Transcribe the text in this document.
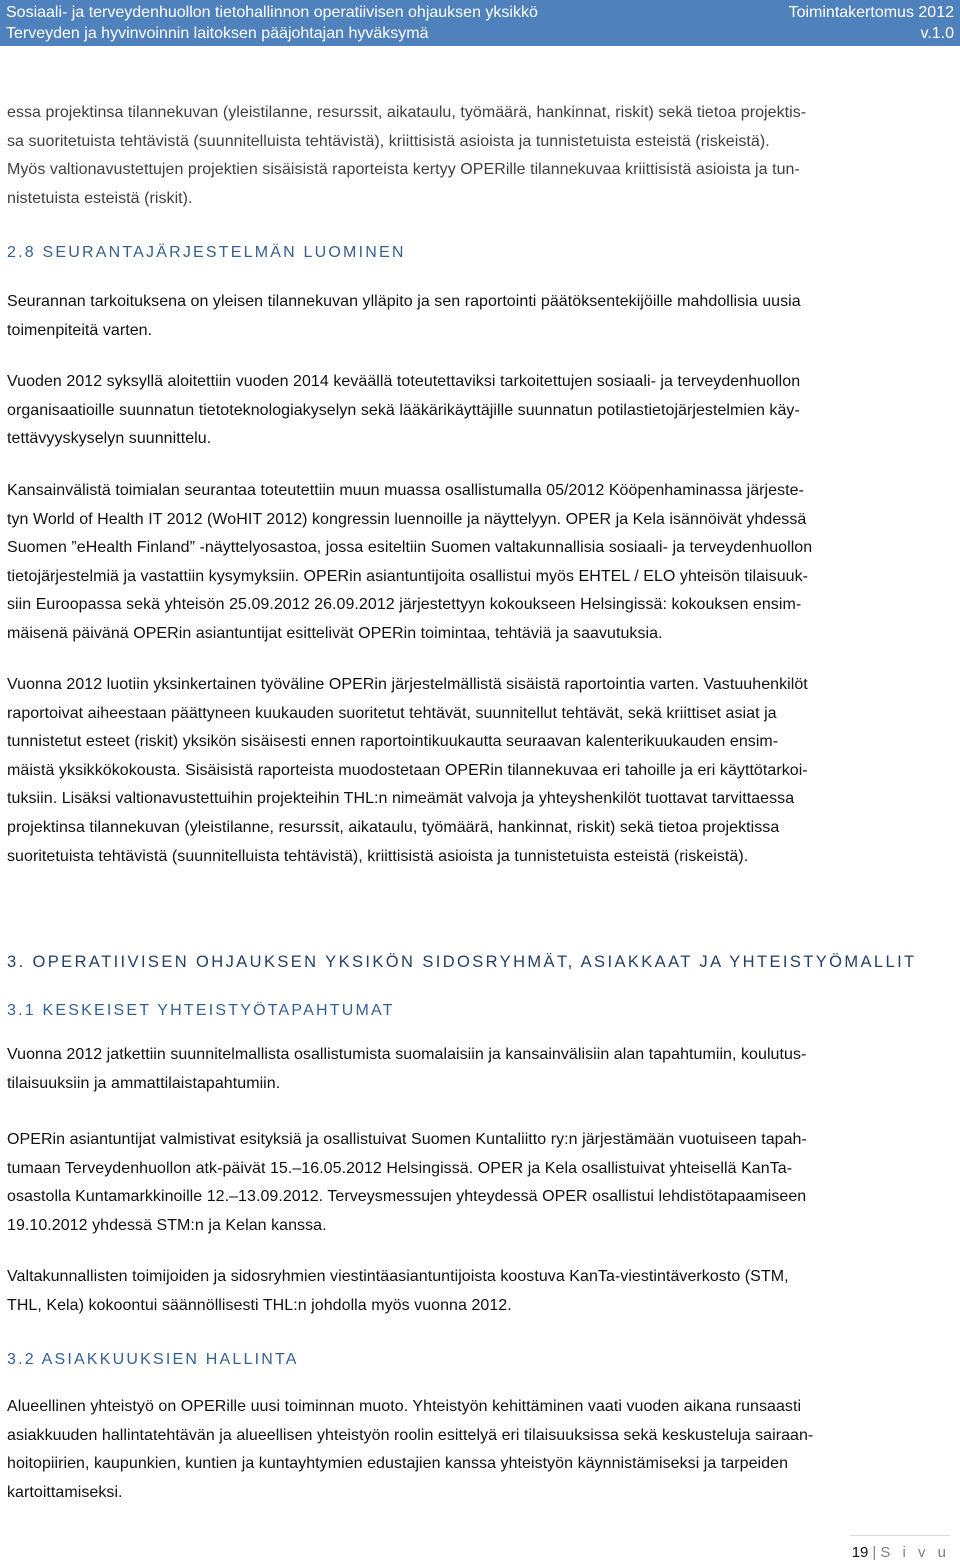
Sosiaali- ja terveydenhuollon tietohallinnon operatiivisen ohjauksen yksikkö
Terveyden ja hyvinvoinnin laitoksen pääjohtajan hyväksymä
Toimintakertomus 2012
v.1.0
essa projektinsa tilannekuvan (yleistilanne, resurssit, aikataulu, työmäärä, hankinnat, riskit) sekä tietoa projektis-
sa suoritetuista tehtävistä (suunnitelluista tehtävistä), kriittisistä asioista ja tunnistetuista esteistä (riskeistä).
Myös valtionavustettujen projektien sisäisistä raporteista kertyy OPERille tilannekuvaa kriittisistä asioista ja tun-
nistetuista esteistä (riskit).
2.8 SEURANTAJÄRJESTELMÄN LUOMINEN
Seurannan tarkoituksena on yleisen tilannekuvan ylläpito ja sen raportointi päätöksentekijöille mahdollisia uusia
toimenpiteitä varten.
Vuoden 2012 syksyllä aloitettiin vuoden 2014 keväällä toteutettaviksi tarkoitettujen sosiaali- ja terveydenhuollon
organisaatioille suunnatun tietoteknologiakyselyn sekä lääkärikäyttäjille suunnatun potilastietojärjestelmien käy-
tettävyyskyselyn suunnittelu.
Kansainvälistä toimialan seurantaa toteutettiin muun muassa osallistumalla 05/2012 Kööpenhaminassa järjeste-
tyn World of Health IT 2012 (WoHIT 2012) kongressin luennoille ja näyttelyyn. OPER ja Kela isännöivät yhdessä
Suomen ”eHealth Finland” -näyttelyosastoa, jossa esiteltiin Suomen valtakunnallisia sosiaali- ja terveydenhuollon
tietojärjestelmiä ja vastattiin kysymyksiin. OPERin asiantuntijoita osallistui myös EHTEL / ELO yhteisön tilaisuuk-
siin Euroopassa sekä yhteisön 25.09.2012 26.09.2012 järjestettyyn kokoukseen Helsingissä: kokouksen ensim-
mäisenä päivänä OPERin asiantuntijat esittelivät OPERin toimintaa, tehtäviä ja saavutuksia.
Vuonna 2012 luotiin yksinkertainen työväline OPERin järjestelmällistä sisäistä raportointia varten. Vastuuhenkilöt
raportoivat aiheestaan päättyneen kuukauden suoritetut tehtävät, suunnitellut tehtävät, sekä kriittiset asiat ja
tunnistetut esteet (riskit) yksikön sisäisesti ennen raportointikuukautta seuraavan kalenterikuukauden ensim-
mäistä yksikkökokousta. Sisäisistä raporteista muodostetaan OPERin tilannekuvaa eri tahoille ja eri käyttötarkoi-
tuksiin. Lisäksi valtionavustettuihin projekteihin THL:n nimeämät valvoja ja yhteyshenkilöt tuottavat tarvittaessa
projektinsa tilannekuvan (yleistilanne, resurssit, aikataulu, työmäärä, hankinnat, riskit) sekä tietoa projektissa
suoritetuista tehtävistä (suunnitelluista tehtävistä), kriittisistä asioista ja tunnistetuista esteistä (riskeistä).
3. OPERATIIVISEN OHJAUKSEN YKSIKÖN SIDOSRYHMÄT, ASIAKKAAT JA YHTEISTYÖMALLIT
3.1 KESKEISET YHTEISTYÖTAPAHTUMAT
Vuonna 2012 jatkettiin suunnitelmallista osallistumista suomalaisiin ja kansainvälisiin alan tapahtumiin, koulutus-
tilaisuuksiin ja ammattilaistapahtumiin.
OPERin asiantuntijat valmistivat esityksiä ja osallistuivat Suomen Kuntaliitto ry:n järjestämään vuotuiseen tapah-
tumaan Terveydenhuollon atk-päivät 15.–16.05.2012 Helsingissä. OPER ja Kela osallistuivat yhteisellä KanTa-
osastolla Kuntamarkkinoille 12.–13.09.2012. Terveysmessujen yhteydessä OPER osallistui lehdistötapaamiseen
19.10.2012 yhdessä STM:n ja Kelan kanssa.
Valtakunnallisten toimijoiden ja sidosryhmien viestintäasiantuntijoista koostuva KanTa-viestintäverkosto (STM,
THL, Kela) kokoontui säännöllisesti THL:n johdolla myös vuonna 2012.
3.2 ASIAKKUUKSIEN HALLINTA
Alueellinen yhteistyö on OPERille uusi toiminnan muoto. Yhteistyön kehittäminen vaati vuoden aikana runsaasti
asiakkuuden hallintatehtävän ja alueellisen yhteistyön roolin esittelyä eri tilaisuuksissa sekä keskusteluja sairaan-
hoitopiirien, kaupunkien, kuntien ja kuntayhtymien edustajien kanssa yhteistyön käynnistämiseksi ja tarpeiden
kartoittamiseksi.
19 | S i v u
